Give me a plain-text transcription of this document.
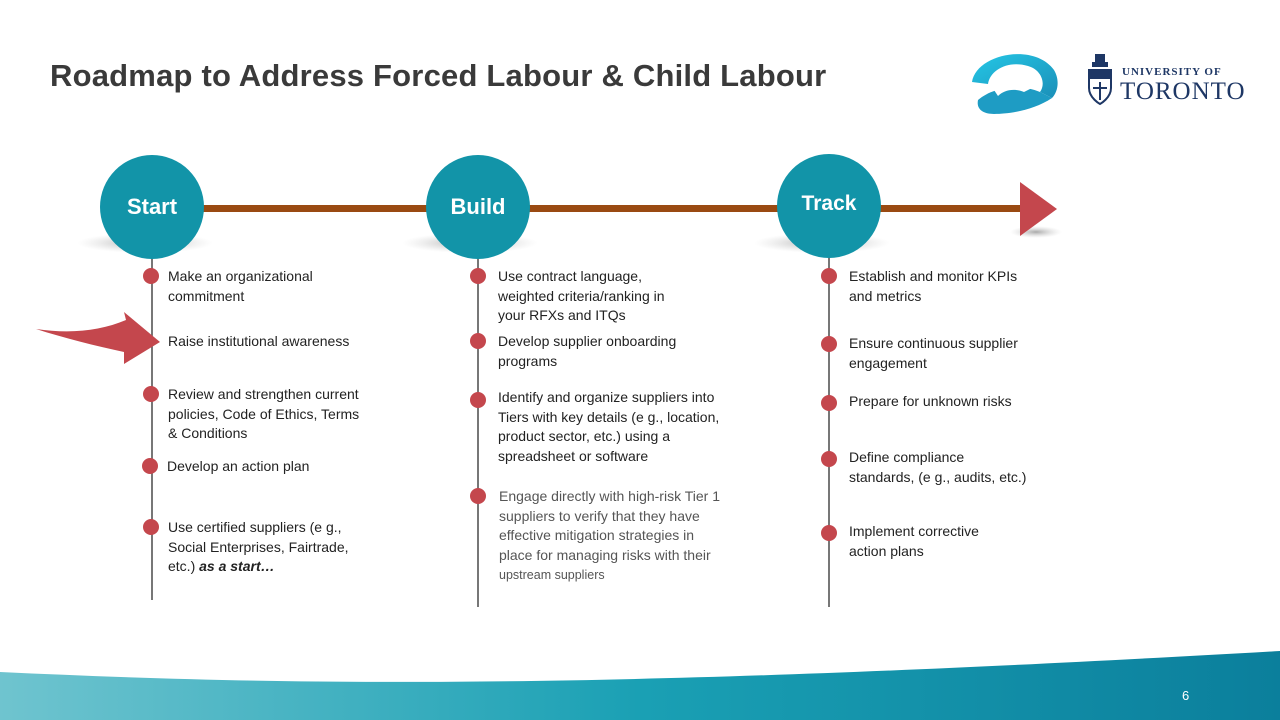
Roadmap to Address Forced Labour & Child Labour	UNIVERSITY OF
TORONTO
Start	Build	Track
Make an organizational commitment
Raise institutional awareness
Review and strengthen current policies, Code of Ethics, Terms & Conditions
Develop an action plan
Use certified suppliers (e g., Social Enterprises, Fairtrade, etc.) as a start…
Use contract language, weighted criteria/ranking in your RFXs and ITQs
Develop supplier onboarding programs
Identify and organize suppliers into Tiers with key details (e g., location, product sector, etc.) using a spreadsheet or software
Engage directly with high-risk Tier 1 suppliers to verify that they have effective mitigation strategies in place for managing risks with their upstream suppliers
Establish and monitor KPIs and metrics
Ensure continuous supplier engagement
Prepare for unknown risks
Define compliance standards, (e g., audits, etc.)
Implement corrective action plans
6
